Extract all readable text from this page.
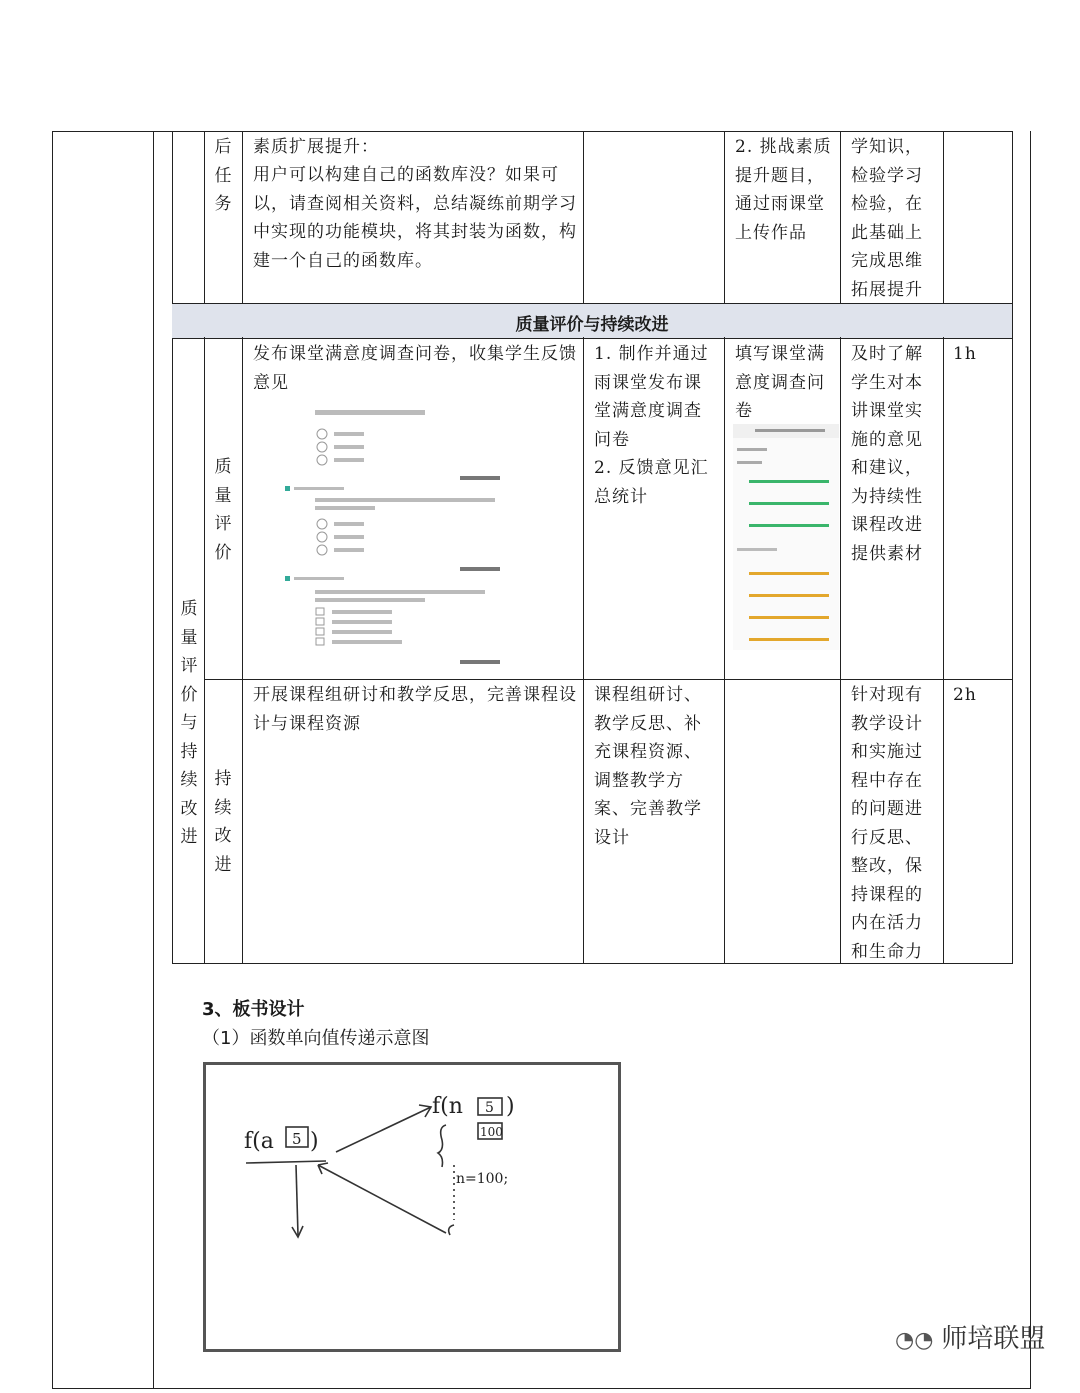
质量评价与持续改进
后任务
素质扩展提升：
用户可以构建自己的函数库没？如果可以，请查阅相关资料，总结凝练前期学习中实现的功能模块，将其封装为函数，构建一个自己的函数库。
2. 挑战素质提升题目，通过雨课堂上传作品
学知识，检验学习检验，在此基础上完成思维拓展提升
质量评价与持续改进
质量评价
发布课堂满意度调查问卷，收集学生反馈意见
1. 制作并通过雨课堂发布课堂满意度调查问卷
2. 反馈意见汇总统计
填写课堂满意度调查问卷
及时了解学生对本讲课堂实施的意见和建议，为持续性课程改进提供素材
1h
持续改进
开展课程组研讨和教学反思，完善课程设计与课程资源
课程组研讨、教学反思、补充课程资源、调整教学方案、完善教学设计
针对现有教学设计和实施过程中存在的问题进行反思、整改，保持课程的内在活力和生命力
2h
3、板书设计
（1）函数单向值传递示意图
f(a 5 )
f(n 5 )
100
n=100;
◔◔ 师培联盟
